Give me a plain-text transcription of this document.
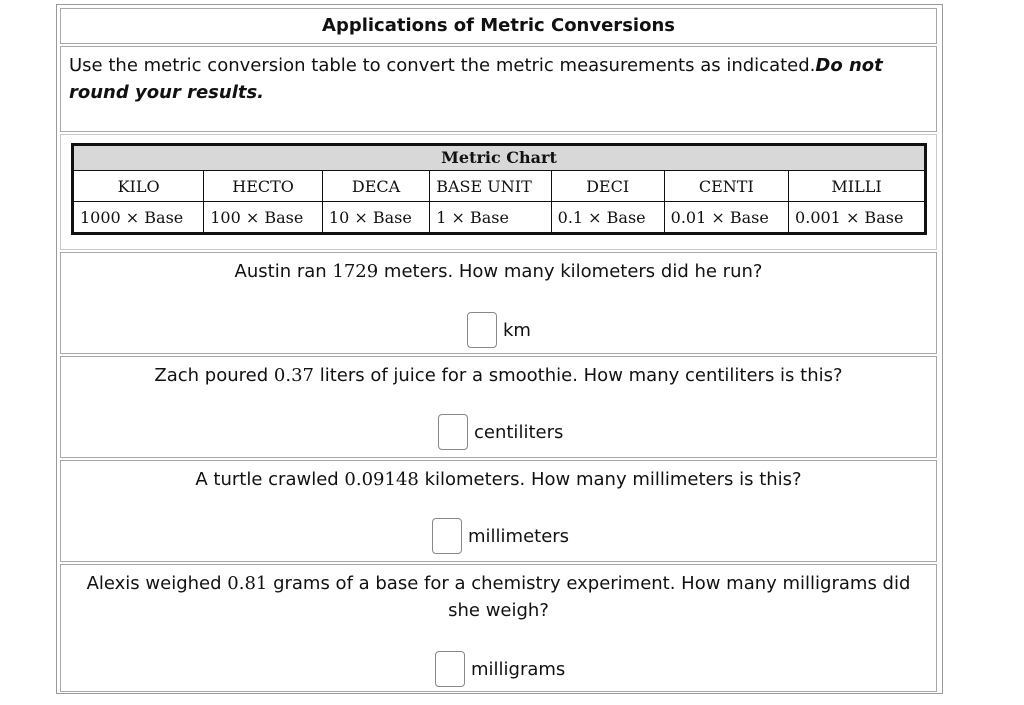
Applications of Metric Conversions
Use the metric conversion table to convert the metric measurements as indicated.Do not round your results.
Metric Chart						
KILO	HECTO	DECA	BASE UNIT	DECI	CENTI	MILLI
1000 × Base	100 × Base	10 × Base	1 × Base	0.1 × Base	0.01 × Base	0.001 × Base
Austin ran 1729 meters. How many kilometers did he run?
km
Zach poured 0.37 liters of juice for a smoothie. How many centiliters is this?
centiliters
A turtle crawled 0.09148 kilometers. How many millimeters is this?
millimeters
Alexis weighed 0.81 grams of a base for a chemistry experiment. How many milligrams did she weigh?
milligrams
